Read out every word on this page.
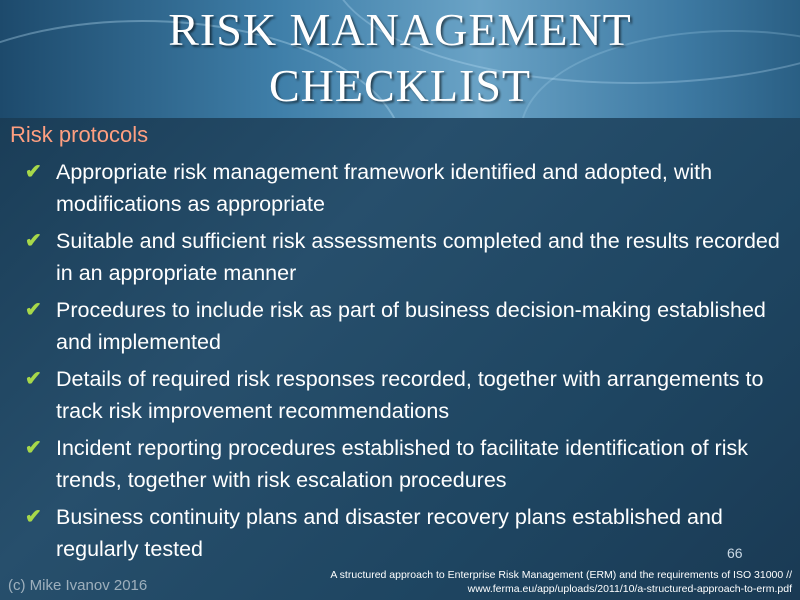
RISK MANAGEMENT
CHECKLIST
Risk protocols
✔ Appropriate risk management framework identified and adopted, with modifications as appropriate
✔ Suitable and sufficient risk assessments completed and the results recorded in an appropriate manner
✔ Procedures to include risk as part of business decision-making established and implemented
✔ Details of required risk responses recorded, together with arrangements to track risk improvement recommendations
✔ Incident reporting procedures established to facilitate identification of risk trends, together with risk escalation procedures
✔ Business continuity plans and disaster recovery plans established and regularly tested	66
(c) Mike Ivanov 2016
A structured approach to Enterprise Risk Management (ERM) and the requirements of ISO 31000 //
www.ferma.eu/app/uploads/2011/10/a-structured-approach-to-erm.pdf
